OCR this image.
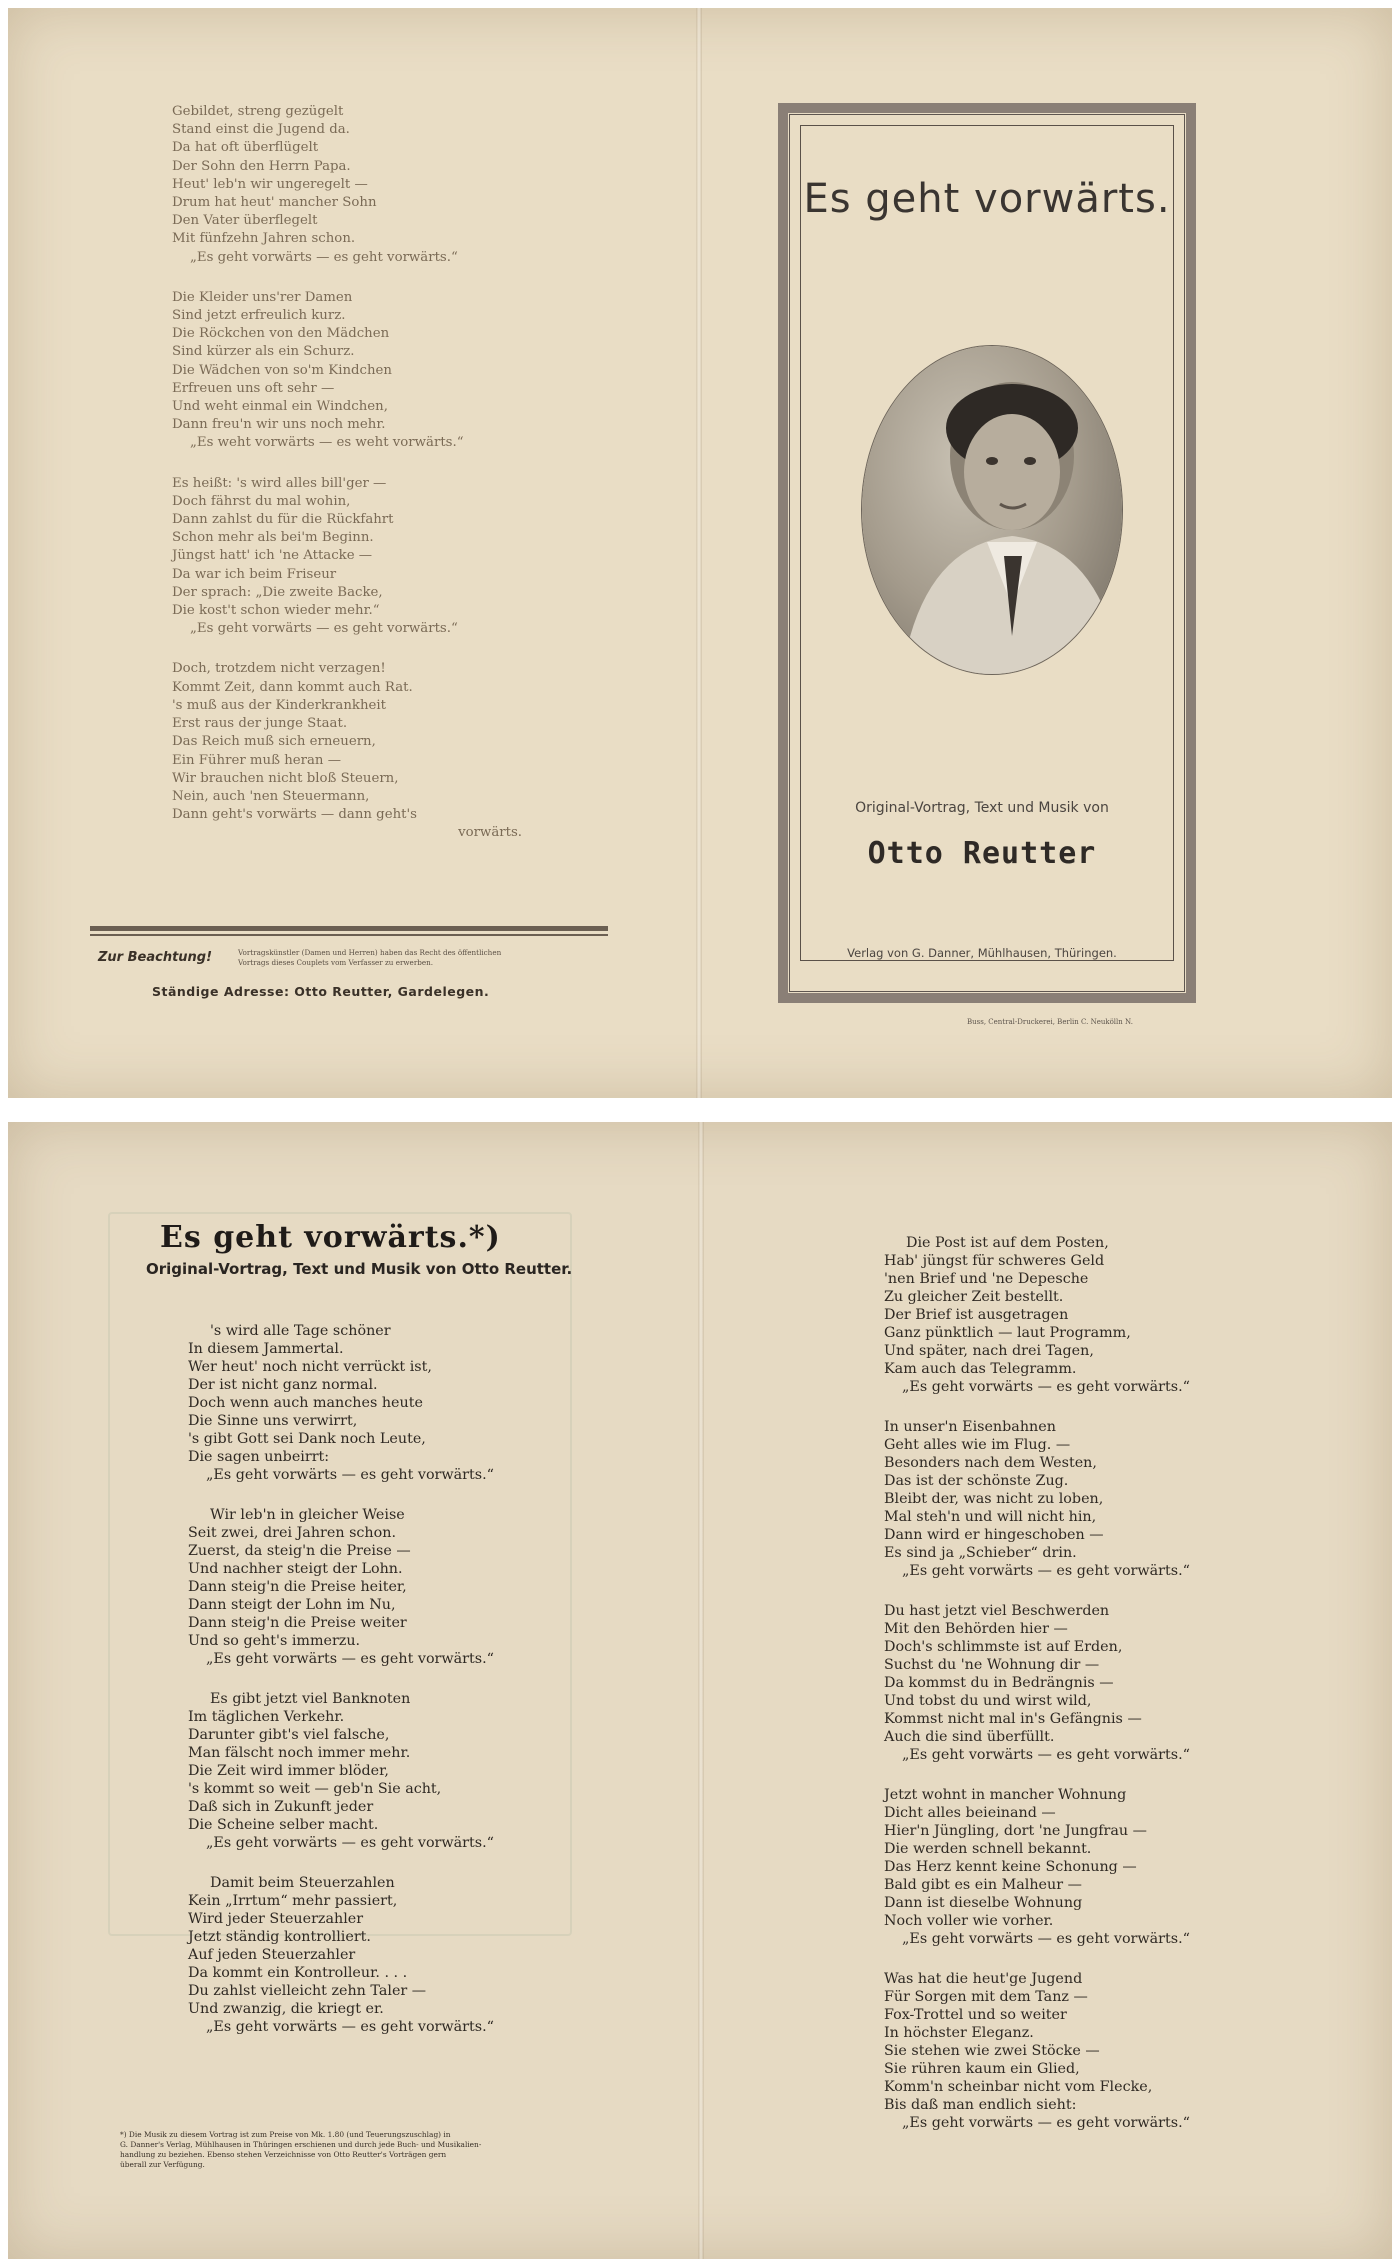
Gebildet, streng gezügelt
Stand einst die Jugend da.
Da hat oft überflügelt
Der Sohn den Herrn Papa.
Heut' leb'n wir ungeregelt —
Drum hat heut' mancher Sohn
Den Vater überflegelt
Mit fünfzehn Jahren schon.
„Es geht vorwärts — es geht vorwärts.“
Die Kleider uns'rer Damen
Sind jetzt erfreulich kurz.
Die Röckchen von den Mädchen
Sind kürzer als ein Schurz.
Die Wädchen von so'm Kindchen
Erfreuen uns oft sehr —
Und weht einmal ein Windchen,
Dann freu'n wir uns noch mehr.
„Es weht vorwärts — es weht vorwärts.“
Es heißt: 's wird alles bill'ger —
Doch fährst du mal wohin,
Dann zahlst du für die Rückfahrt
Schon mehr als bei'm Beginn.
Jüngst hatt' ich 'ne Attacke —
Da war ich beim Friseur
Der sprach: „Die zweite Backe,
Die kost't schon wieder mehr.“
„Es geht vorwärts — es geht vorwärts.“
Doch, trotzdem nicht verzagen!
Kommt Zeit, dann kommt auch Rat.
's muß aus der Kinderkrankheit
Erst raus der junge Staat.
Das Reich muß sich erneuern,
Ein Führer muß heran —
Wir brauchen nicht bloß Steuern,
Nein, auch 'nen Steuermann,
Dann geht's vorwärts — dann geht's
vorwärts.
Zur Beachtung!	Vortragskünstler (Damen und Herren) haben das Recht des öffentlichen
Vortrags dieses Couplets vom Verfasser zu erwerben.
Ständige Adresse: Otto Reutter, Gardelegen.
Es geht vorwärts.
Original-Vortrag, Text und Musik von
Otto Reutter
Verlag von G. Danner, Mühlhausen, Thüringen.
Buss, Central-Druckerei, Berlin C. Neukölln N.
Es geht vorwärts.*)
Original-Vortrag, Text und Musik von Otto Reutter.
's wird alle Tage schöner
In diesem Jammertal.
Wer heut' noch nicht verrückt ist,
Der ist nicht ganz normal.
Doch wenn auch manches heute
Die Sinne uns verwirrt,
's gibt Gott sei Dank noch Leute,
Die sagen unbeirrt:
„Es geht vorwärts — es geht vorwärts.“
Wir leb'n in gleicher Weise
Seit zwei, drei Jahren schon.
Zuerst, da steig'n die Preise —
Und nachher steigt der Lohn.
Dann steig'n die Preise heiter,
Dann steigt der Lohn im Nu,
Dann steig'n die Preise weiter
Und so geht's immerzu.
„Es geht vorwärts — es geht vorwärts.“
Es gibt jetzt viel Banknoten
Im täglichen Verkehr.
Darunter gibt's viel falsche,
Man fälscht noch immer mehr.
Die Zeit wird immer blöder,
's kommt so weit — geb'n Sie acht,
Daß sich in Zukunft jeder
Die Scheine selber macht.
„Es geht vorwärts — es geht vorwärts.“
Damit beim Steuerzahlen
Kein „Irrtum“ mehr passiert,
Wird jeder Steuerzahler
Jetzt ständig kontrolliert.
Auf jeden Steuerzahler
Da kommt ein Kontrolleur. . . .
Du zahlst vielleicht zehn Taler —
Und zwanzig, die kriegt er.
„Es geht vorwärts — es geht vorwärts.“
*) Die Musik zu diesem Vortrag ist zum Preise von Mk. 1.80 (und Teuerungszuschlag) in
G. Danner's Verlag, Mühlhausen in Thüringen erschienen und durch jede Buch- und Musikalien-
handlung zu beziehen. Ebenso stehen Verzeichnisse von Otto Reutter's Vorträgen gern
überall zur Verfügung.
Die Post ist auf dem Posten,
Hab' jüngst für schweres Geld
'nen Brief und 'ne Depesche
Zu gleicher Zeit bestellt.
Der Brief ist ausgetragen
Ganz pünktlich — laut Programm,
Und später, nach drei Tagen,
Kam auch das Telegramm.
„Es geht vorwärts — es geht vorwärts.“
In unser'n Eisenbahnen
Geht alles wie im Flug. —
Besonders nach dem Westen,
Das ist der schönste Zug.
Bleibt der, was nicht zu loben,
Mal steh'n und will nicht hin,
Dann wird er hingeschoben —
Es sind ja „Schieber“ drin.
„Es geht vorwärts — es geht vorwärts.“
Du hast jetzt viel Beschwerden
Mit den Behörden hier —
Doch's schlimmste ist auf Erden,
Suchst du 'ne Wohnung dir —
Da kommst du in Bedrängnis —
Und tobst du und wirst wild,
Kommst nicht mal in's Gefängnis —
Auch die sind überfüllt.
„Es geht vorwärts — es geht vorwärts.“
Jetzt wohnt in mancher Wohnung
Dicht alles beieinand —
Hier'n Jüngling, dort 'ne Jungfrau —
Die werden schnell bekannt.
Das Herz kennt keine Schonung —
Bald gibt es ein Malheur —
Dann ist dieselbe Wohnung
Noch voller wie vorher.
„Es geht vorwärts — es geht vorwärts.“
Was hat die heut'ge Jugend
Für Sorgen mit dem Tanz —
Fox-Trottel und so weiter
In höchster Eleganz.
Sie stehen wie zwei Stöcke —
Sie rühren kaum ein Glied,
Komm'n scheinbar nicht vom Flecke,
Bis daß man endlich sieht:
„Es geht vorwärts — es geht vorwärts.“
